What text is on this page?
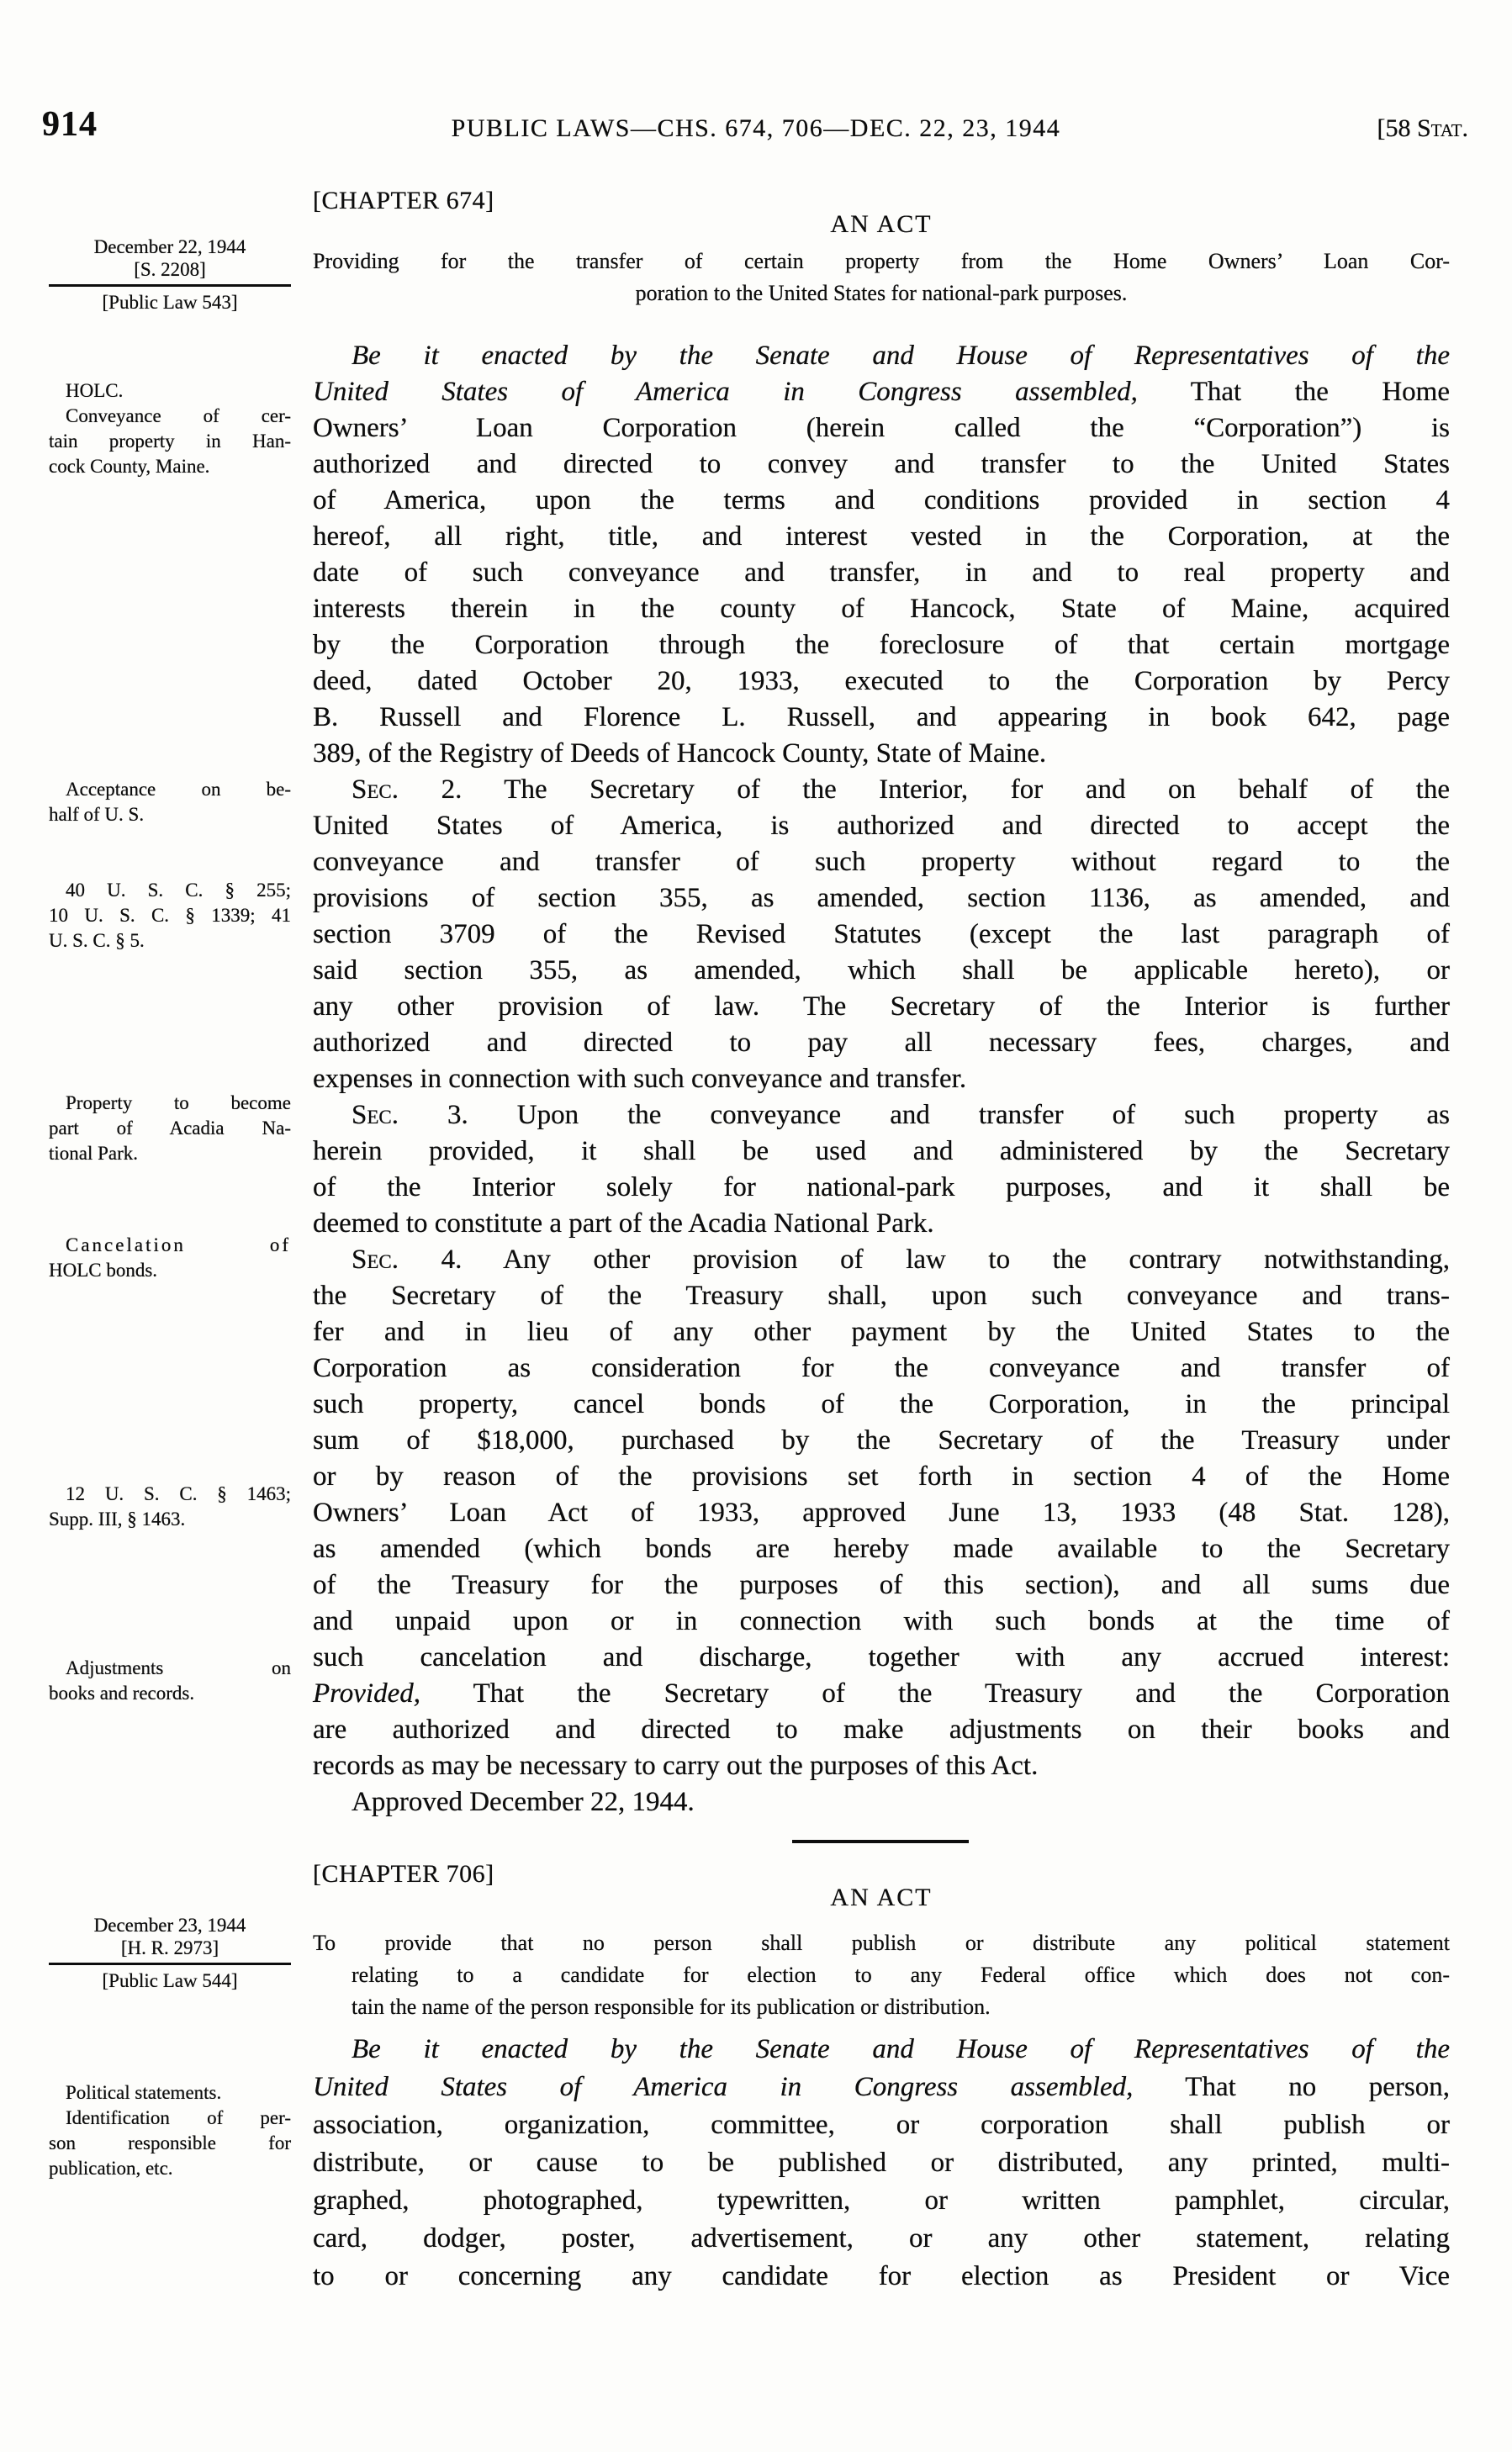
914	PUBLIC LAWS—CHS. 674, 706—DEC. 22, 23, 1944	[58 Stat.
[CHAPTER 674]
AN ACT
December 22, 1944
[S. 2208]
[Public Law 543]
Providing for the transfer of certain property from the Home Owners’ Loan Cor-
poration to the United States for national-park purposes.
HOLC.
Conveyance of cer-
tain property in Han-
cock County, Maine.
Acceptance on be-
half of U. S.
40 U. S. C. § 255;
10 U. S. C. § 1339; 41
U. S. C. § 5.
Property to become
part of Acadia Na-
tional Park.
Cancelation of
HOLC bonds.
12 U. S. C. § 1463;
Supp. III, § 1463.
Adjustments on
books and records.
Be it enacted by the Senate and House of Representatives of the
United States of America in Congress assembled, That the Home
Owners’ Loan Corporation (herein called the “Corporation”) is
authorized and directed to convey and transfer to the United States
of America, upon the terms and conditions provided in section 4
hereof, all right, title, and interest vested in the Corporation, at the
date of such conveyance and transfer, in and to real property and
interests therein in the county of Hancock, State of Maine, acquired
by the Corporation through the foreclosure of that certain mortgage
deed, dated October 20, 1933, executed to the Corporation by Percy
B. Russell and Florence L. Russell, and appearing in book 642, page
389, of the Registry of Deeds of Hancock County, State of Maine.
Sec. 2. The Secretary of the Interior, for and on behalf of the
United States of America, is authorized and directed to accept the
conveyance and transfer of such property without regard to the
provisions of section 355, as amended, section 1136, as amended, and
section 3709 of the Revised Statutes (except the last paragraph of
said section 355, as amended, which shall be applicable hereto), or
any other provision of law. The Secretary of the Interior is further
authorized and directed to pay all necessary fees, charges, and
expenses in connection with such conveyance and transfer.
Sec. 3. Upon the conveyance and transfer of such property as
herein provided, it shall be used and administered by the Secretary
of the Interior solely for national-park purposes, and it shall be
deemed to constitute a part of the Acadia National Park.
Sec. 4. Any other provision of law to the contrary notwithstanding,
the Secretary of the Treasury shall, upon such conveyance and trans-
fer and in lieu of any other payment by the United States to the
Corporation as consideration for the conveyance and transfer of
such property, cancel bonds of the Corporation, in the principal
sum of $18,000, purchased by the Secretary of the Treasury under
or by reason of the provisions set forth in section 4 of the Home
Owners’ Loan Act of 1933, approved June 13, 1933 (48 Stat. 128),
as amended (which bonds are hereby made available to the Secretary
of the Treasury for the purposes of this section), and all sums due
and unpaid upon or in connection with such bonds at the time of
such cancelation and discharge, together with any accrued interest:
Provided, That the Secretary of the Treasury and the Corporation
are authorized and directed to make adjustments on their books and
records as may be necessary to carry out the purposes of this Act.
Approved December 22, 1944.
[CHAPTER 706]
AN ACT
December 23, 1944
[H. R. 2973]
[Public Law 544]
To provide that no person shall publish or distribute any political statement
relating to a candidate for election to any Federal office which does not con-
tain the name of the person responsible for its publication or distribution.
Political statements.
Identification of per-
son responsible for
publication, etc.
Be it enacted by the Senate and House of Representatives of the
United States of America in Congress assembled, That no person,
association, organization, committee, or corporation shall publish or
distribute, or cause to be published or distributed, any printed, multi-
graphed, photographed, typewritten, or written pamphlet, circular,
card, dodger, poster, advertisement, or any other statement, relating
to or concerning any candidate for election as President or Vice
